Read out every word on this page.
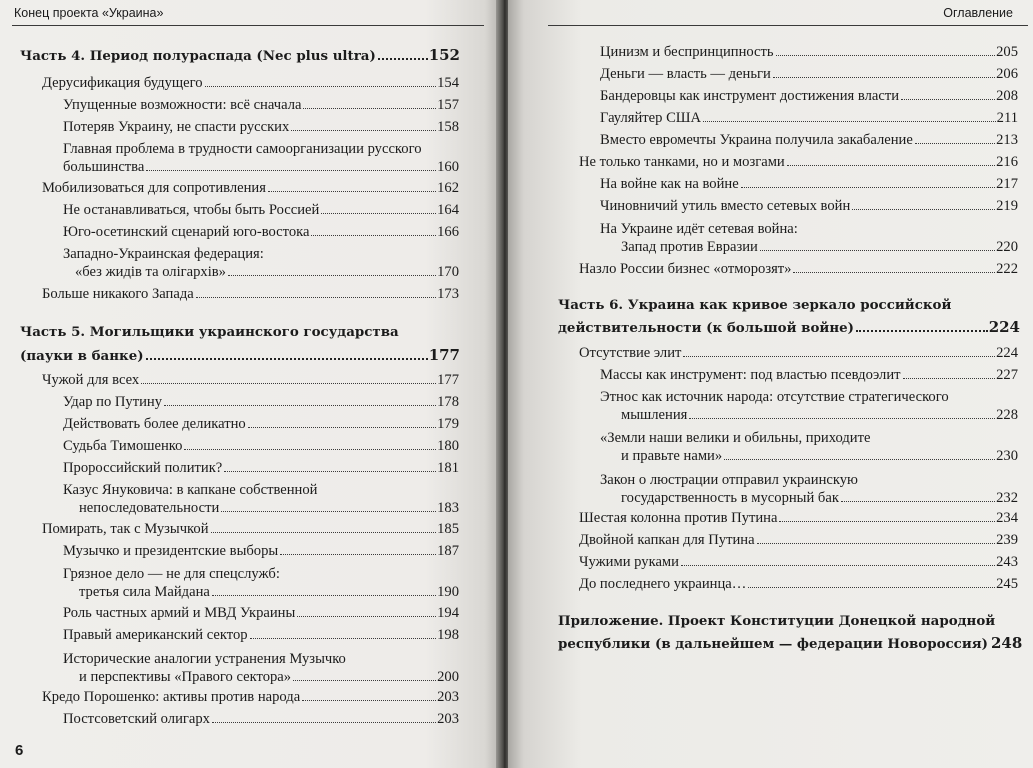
Конец проекта «Украина»
Часть 4. Период полураспада (Nec plus ultra)	152
Дерусификация будущего	154
Упущенные возможности: всё сначала	157
Потеряв Украину, не спасти русских	158
Главная проблема в трудности самоорганизации русского
большинства	160
Мобилизоваться для сопротивления	162
Не останавливаться, чтобы быть Россией	164
Юго-осетинский сценарий юго-востока	166
Западно-Украинская федерация:
«без жидів та олігархів»	170
Больше никакого Запада	173
Часть 5. Могильщики украинского государства
(пауки в банке)	177
Чужой для всех	177
Удар по Путину	178
Действовать более деликатно	179
Судьба Тимошенко	180
Пророссийский политик?	181
Казус Януковича: в капкане собственной
непоследовательности	183
Помирать, так с Музычкой	185
Музычко и президентские выборы	187
Грязное дело — не для спецслужб:
третья сила Майдана	190
Роль частных армий и МВД Украины	194
Правый американский сектор	198
Исторические аналогии устранения Музычко
и перспективы «Правого сектора»	200
Кредо Порошенко: активы против народа	203
Постсоветский олигарх	203
6
Оглавление
Цинизм и беспринципность	205
Деньги — власть — деньги	206
Бандеровцы как инструмент достижения власти	208
Гауляйтер США	211
Вместо евромечты Украина получила закабаление	213
Не только танками, но и мозгами	216
На войне как на войне	217
Чиновничий утиль вместо сетевых войн	219
На Украине идёт сетевая война:
Запад против Евразии	220
Назло России бизнес «отморозят»	222
Часть 6. Украина как кривое зеркало российской
действительности (к большой войне)	224
Отсутствие элит	224
Массы как инструмент: под властью псевдоэлит	227
Этнос как источник народа: отсутствие стратегического
мышления	228
«Земли наши велики и обильны, приходите
и правьте нами»	230
Закон о люстрации отправил украинскую
государственность в мусорный бак	232
Шестая колонна против Путина	234
Двойной капкан для Путина	239
Чужими руками	243
До последнего украинца…	245
Приложение. Проект Конституции Донецкой народной
республики (в дальнейшем — федерации Новороссия) 248
